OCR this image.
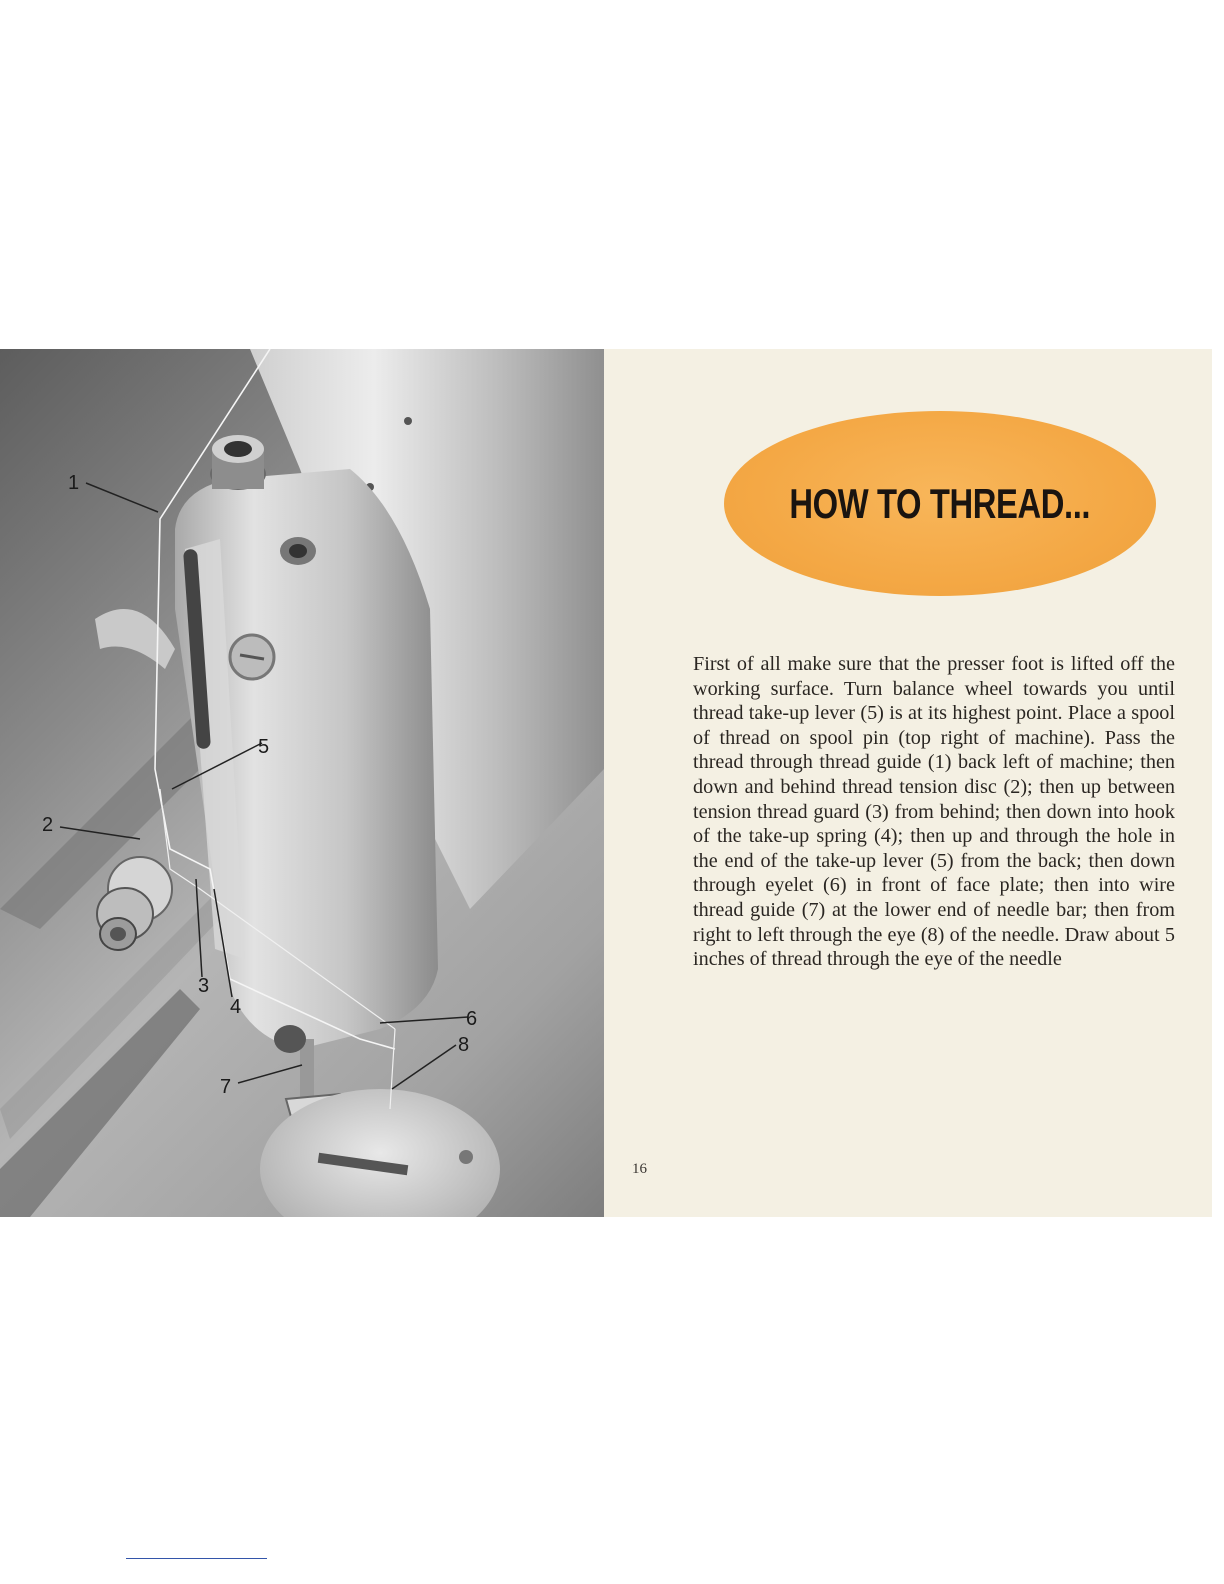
1
2
3
4
5
6
7
8
HOW TO THREAD...

First of all make sure that the presser foot is lifted off the working surface. Turn balance wheel towards you until thread take-up lever (5) is at its highest point. Place a spool of thread on spool pin (top right of machine). Pass the thread through thread guide (1) back left of machine; then down and behind thread tension disc (2); then up between tension thread guard (3) from behind; then down into hook of the take-up spring (4); then up and through the hole in the end of the take-up lever (5) from the back; then down through eyelet (6) in front of face plate; then into wire thread guide (7) at the lower end of needle bar; then from right to left through the eye (8) of the needle. Draw about 5 inches of thread through the eye of the needle

16
